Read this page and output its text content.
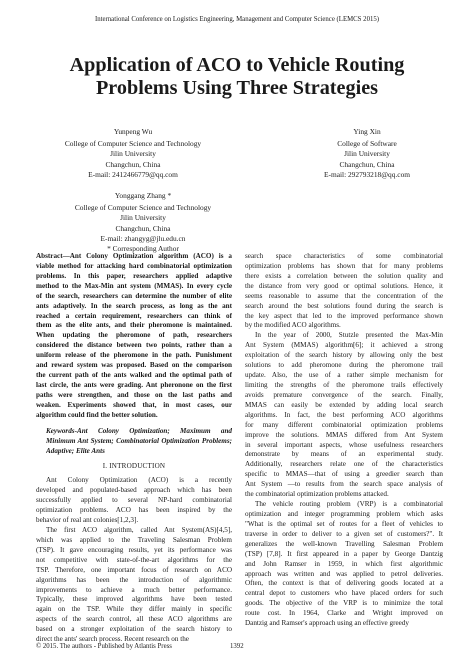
International Conference on Logistics Engineering, Management and Computer Science (LEMCS 2015)
Application of ACO to Vehicle Routing
Problems Using Three Strategies
Yunpeng Wu
College of Computer Science and Technology
Jilin University
Changchun, China
E-mail: 2412466779@qq.com
Ying Xin
College of Software
Jilin University
Changchun, China
E-mail: 292793218@qq.com
Yonggang Zhang *
College of Computer Science and Technology
Jilin University
Changchun, China
E-mail: zhangyg@jlu.edu.cn
* Corresponding Author
Abstract—Ant Colony Optimization algorithm (ACO) is a
viable method for attacking hard combinatorial optimization
problems. In this paper, researchers applied adaptive
method to the Max-Min ant system (MMAS). In every cycle
of the search, researchers can determine the number of elite
ants adaptively. In the search process, as long as the ant
reached a certain requirement, researchers can think of
them as the elite ants, and their pheromone is maintained.
When updating the pheromone of path, researchers
considered the distance between two points, rather than a
uniform release of the pheromone in the path. Punishment
and reward system was proposed. Based on the comparison
the current path of the ants walked and the optimal path of
last circle, the ants were grading. Ant pheronone on the first
paths were strengthen, and those on the last paths and
weaken. Experiments showed that, in most cases, our
algorithm could find the better solution.
Keywords-Ant Colony Optimization; Maximum and
Minimum Ant System; Combinatorial Optimization Problems;
Adaptive; Elite Ants
I. INTRODUCTION
Ant Colony Optimization (ACO) is a recently
developed and populated-based approach which has been
successfully applied to several NP-hard combinatorial
optimization problems. ACO has been inspired by the
behavior of real ant colonies[1,2,3].
The first ACO algorithm, called Ant System(AS)[4,5],
which was applied to the Traveling Salesman Problem
(TSP). It gave encouraging results, yet its performance was
not competitive with state-of-the-art algorithms for the
TSP. Therefore, one important focus of research on ACO
algorithms has been the introduction of algorithmic
improvements to achieve a much better performance.
Typically, these improved algorithms have been tested
again on the TSP. While they differ mainly in specific
aspects of the search control, all these ACO algorithms are
based on a stronger exploitation of the search history to
direct the ants' search process. Recent research on the
search space characteristics of some combinatorial
optimization problems has shown that for many problems
there exists a correlation between the solution quality and
the distance from very good or optimal solutions. Hence, it
seems reasonable to assume that the concentration of the
search around the best solutions found during the search is
the key aspect that led to the improved performance shown
by the modified ACO algorithms.
In the year of 2000, Stutzle presented the Max-Min
Ant System (MMAS) algorithm[6]; it achieved a strong
exploitation of the search history by allowing only the best
solutions to add pheromone during the pheromone trail
update. Also, the use of a rather simple mechanism for
limiting the strengths of the pheromone trails effectively
avoids premature convergence of the search. Finally,
MMAS can easily be extended by adding local search
algorithms. In fact, the best performing ACO algorithms
for many different combinatorial optimization problems
improve the solutions. MMAS differed from Ant System
in several important aspects, whose usefulness researchers
demonstrate by means of an experimental study.
Additionally, researchers relate one of the characteristics
specific to MMAS—that of using a greedier search than
Ant System —to results from the search space analysis of
the combinatorial optimization problems attacked.
The vehicle routing problem (VRP) is a combinatorial
optimization and integer programming problem which asks
"What is the optimal set of routes for a fleet of vehicles to
traverse in order to deliver to a given set of customers?". It
generalizes the well-known Travelling Salesman Problem
(TSP) [7,8]. It first appeared in a paper by George Dantzig
and John Ramser in 1959, in which first algorithmic
approach was written and was applied to petrol deliveries.
Often, the context is that of delivering goods located at a
central depot to customers who have placed orders for such
goods. The objective of the VRP is to minimize the total
route cost. In 1964, Clarke and Wright improved on
Dantzig and Ramser's approach using an effective greedy
© 2015. The authors - Published by Atlantis Press	1392
